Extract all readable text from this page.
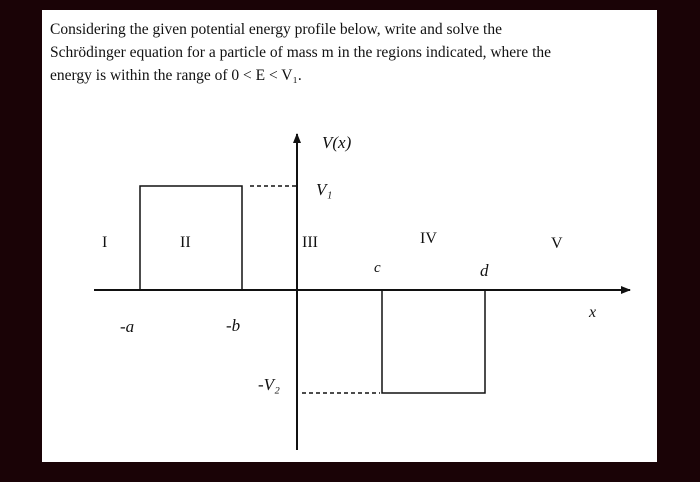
Considering the given potential energy profile below, write and solve the

Schrödinger equation for a particle of mass m in the regions indicated, where the

energy is within the range of 0 < E < V₁.

V(x)
V₁
-V₂
x
I	II	III	IV	V
-a	-b
c	d
